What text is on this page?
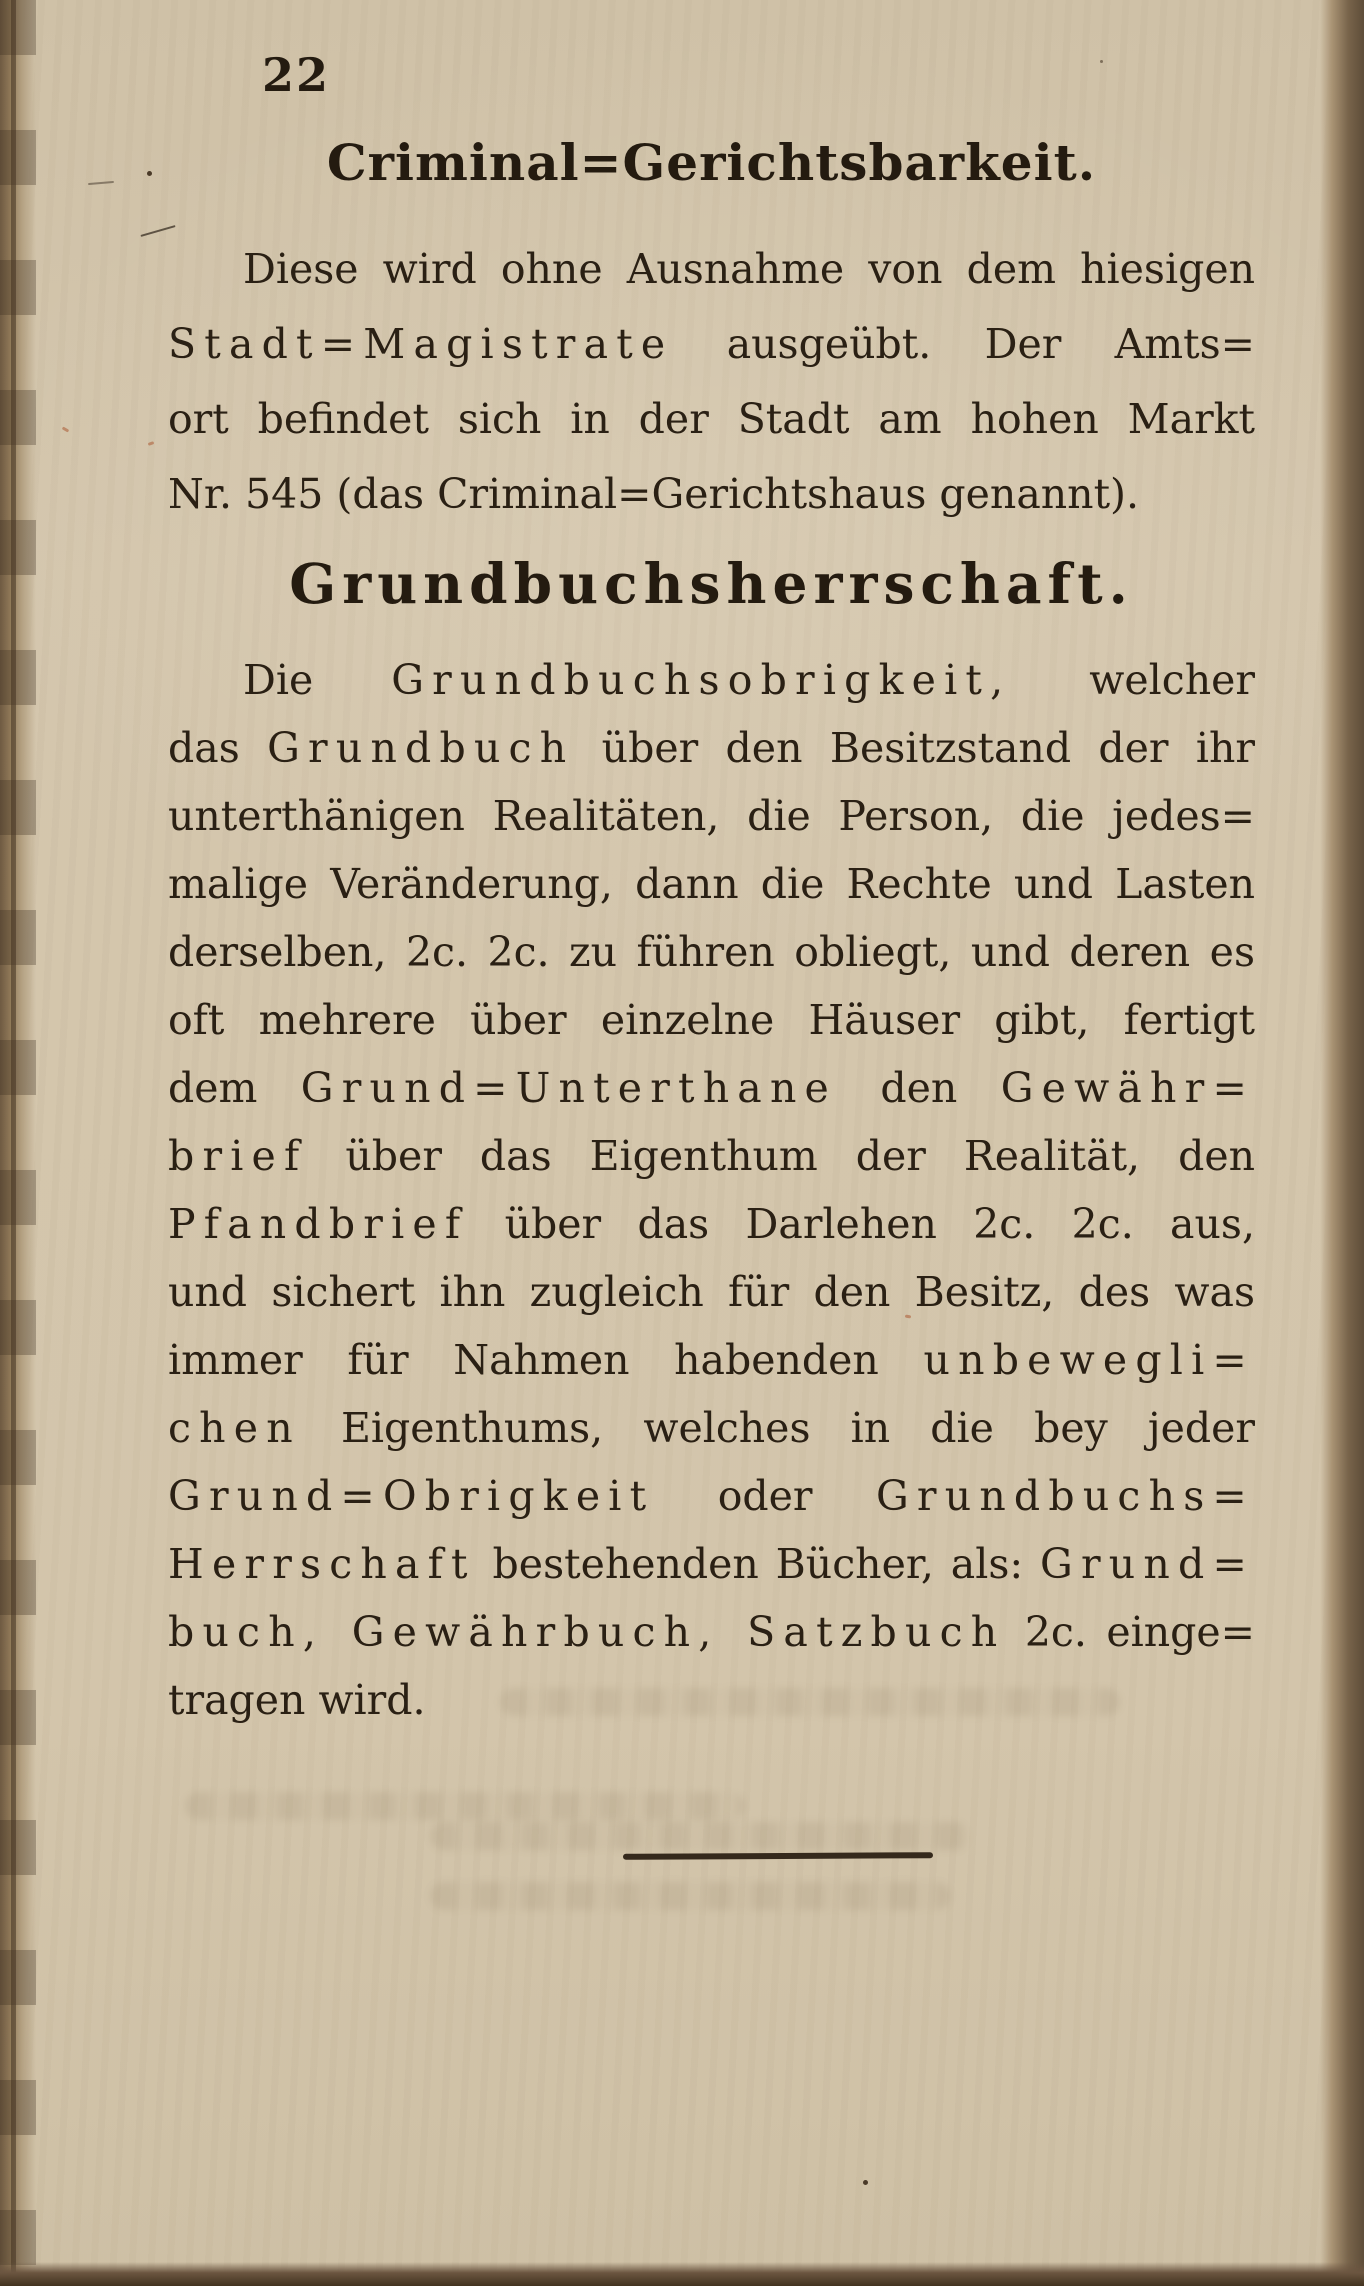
22
Criminal=Gerichtsbarkeit.
Diese wird ohne Ausnahme von dem hiesigen
Stadt=Magistrate ausgeübt. Der Amts=
ort befindet sich in der Stadt am hohen Markt
Nr. 545 (das Criminal=Gerichtshaus genannt).
Grundbuchsherrschaft.
Die Grundbuchsobrigkeit, welcher
das Grundbuch über den Besitzstand der ihr
unterthänigen Realitäten, die Person, die jedes=
malige Veränderung, dann die Rechte und Lasten
derselben, 2c. 2c. zu führen obliegt, und deren es
oft mehrere über einzelne Häuser gibt, fertigt
dem Grund=Unterthane den Gewähr=
brief über das Eigenthum der Realität, den
Pfandbrief über das Darlehen 2c. 2c. aus,
und sichert ihn zugleich für den Besitz, des was
immer für Nahmen habenden unbewegli=
chen Eigenthums, welches in die bey jeder
Grund=Obrigkeit oder Grundbuchs=
Herrschaft bestehenden Bücher, als: Grund=
buch, Gewährbuch, Satzbuch 2c. einge=
tragen wird.
